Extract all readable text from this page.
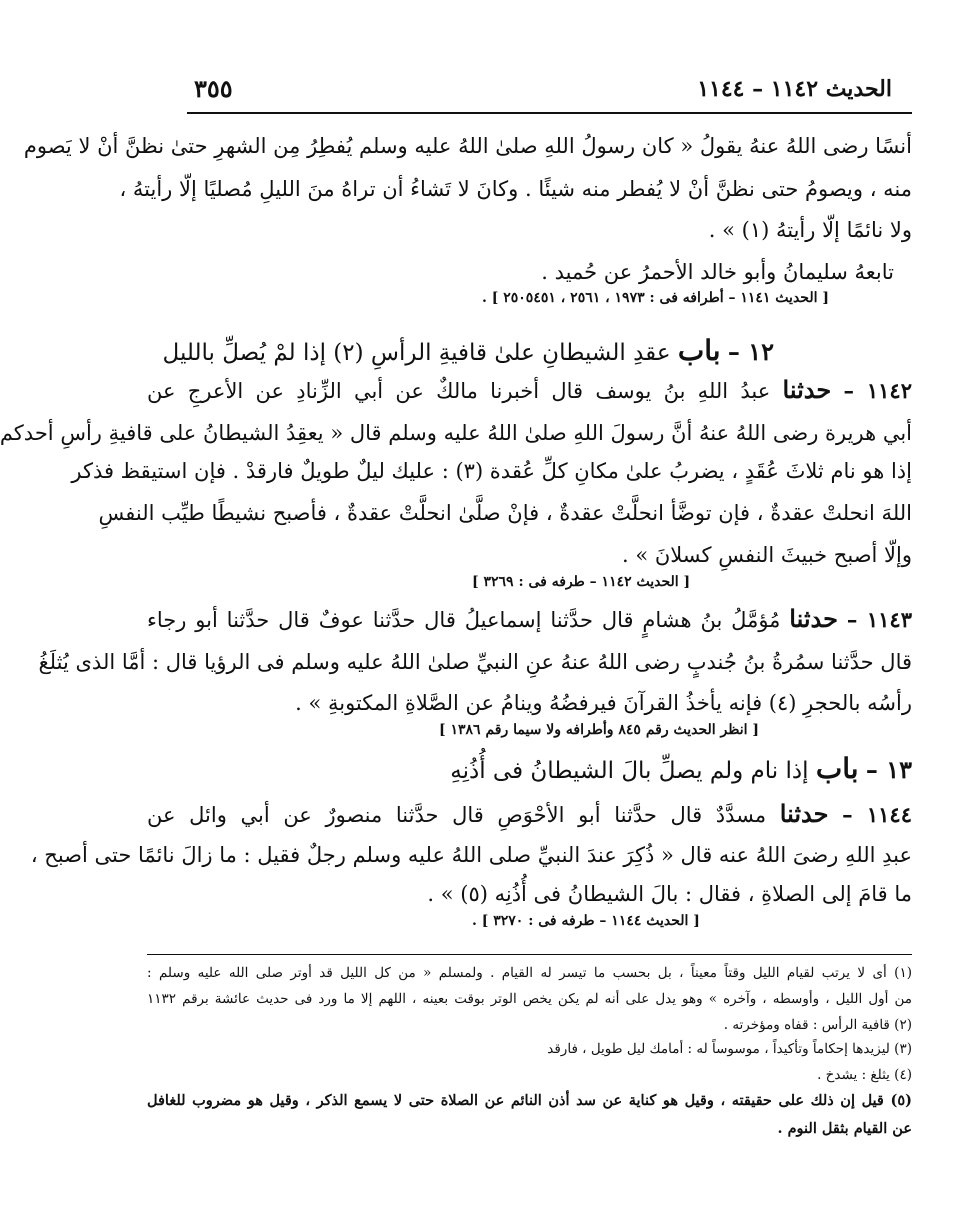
الحديث ١١٤٢ – ١١٤٤
٣٥٥
أنسًا رضى اللهُ عنهُ يقولُ « كان رسولُ اللهِ صلىٰ اللهُ عليه وسلم يُفطِرُ مِن الشهرِ حتىٰ نظنَّ أنْ لا يَصوم
منه ، ويصومُ حتى نظنَّ أنْ لا يُفطر منه شيئًا . وكانَ لا تَشاءُ أن تراهُ منَ الليلِ مُصليًا إلّا رأيتهُ ،
ولا نائمًا إلّا رأيتهُ (١) » .
تابعهُ سليمانُ وأبو خالد الأحمرُ عن حُميد .
[ الحديث ١١٤١ – أطرافه فى : ١٩٧٣ ، ٢٥٦١ ، ٢٥٠٥٤٥١ ] .
١٢ – باب عقدِ الشيطانِ علىٰ قافيةِ الرأسِ (٢) إذا لمْ يُصلِّ بالليل
١١٤٢ – حدثنا عبدُ اللهِ بنُ يوسف قال أخبرنا مالكٌ عن أبي الزِّنادِ عن الأعرجِ عن
أبي هريرة رضى اللهُ عنهُ أنَّ رسولَ اللهِ صلىٰ اللهُ عليه وسلم قال « يعقِدُ الشيطانُ على قافيةِ رأسِ أحدكم
إذا هو نام ثلاثَ عُقَدٍ ، يضربُ علىٰ مكانِ كلِّ عُقدة (٣) : عليك ليلٌ طويلٌ فارقدْ . فإن استيقظ فذكر
اللهَ انحلتْ عقدةٌ ، فإن توضَّأ انحلَّتْ عقدةٌ ، فإنْ صلَّىٰ انحلَّتْ عقدةٌ ، فأصبح نشيطًا طيِّب النفسِ
وإلّا أصبح خبيثَ النفسِ كسلانَ » .
[ الحديث ١١٤٢ – طرفه فى : ٣٢٦٩ ]
١١٤٣ – حدثنا مُؤمَّلُ بنُ هشامٍ قال حدَّثنا إسماعيلُ قال حدَّثنا عوفٌ قال حدَّثنا أبو رجاء
قال حدَّثنا سمُرةُ بنُ جُندبٍ رضى اللهُ عنهُ عنِ النبيِّ صلىٰ اللهُ عليه وسلم فى الرؤيا قال : أمَّا الذى يُثلَغُ
رأسُه بالحجرِ (٤) فإنه يأخذُ القرآنَ فيرفضُهُ وينامُ عن الصَّلاةِ المكتوبةِ » .
[ انظر الحديث رقم ٨٤٥ وأطرافه ولا سيما رقم ١٣٨٦ ]
١٣ – باب إذا نام ولم يصلِّ بالَ الشيطانُ فى أُذُنِهِ
١١٤٤ – حدثنا مسدَّدٌ قال حدَّثنا أبو الأحْوَصِ قال حدَّثنا منصورٌ عن أبي وائل عن
عبدِ اللهِ رضىَ اللهُ عنه قال « ذُكِرَ عندَ النبيِّ صلى اللهُ عليه وسلم رجلٌ فقيل : ما زالَ نائمًا حتى أصبح ،
ما قامَ إلى الصلاةِ ، فقال : بالَ الشيطانُ فى أُذُنِه (٥) » .
[ الحديث ١١٤٤ – طرفه فى : ٣٢٧٠ ] .
(١) أى لا يرتب لقيام الليل وقتاً معيناً ، بل بحسب ما تيسر له القيام . ولمسلم « من كل الليل قد أوتر صلى الله عليه وسلم :
من أول الليل ، وأوسطه ، وآخره » وهو يدل على أنه لم يكن يخص الوتر بوقت بعينه ، اللهم إلا ما ورد فى حديث عائشة برقم ١١٣٢
(٢) قافية الرأس : قفاه ومؤخرته .
(٣) ليزيدها إحكاماً وتأكيداً ، موسوساً له : أمامك ليل طويل ، فارقد
(٤) يثلغ : يشدخ .
(٥) قيل إن ذلك على حقيقته ، وقيل هو كناية عن سد أذن النائم عن الصلاة حتى لا يسمع الذكر ، وقيل هو مضروب للغافل
عن القيام بثقل النوم .
